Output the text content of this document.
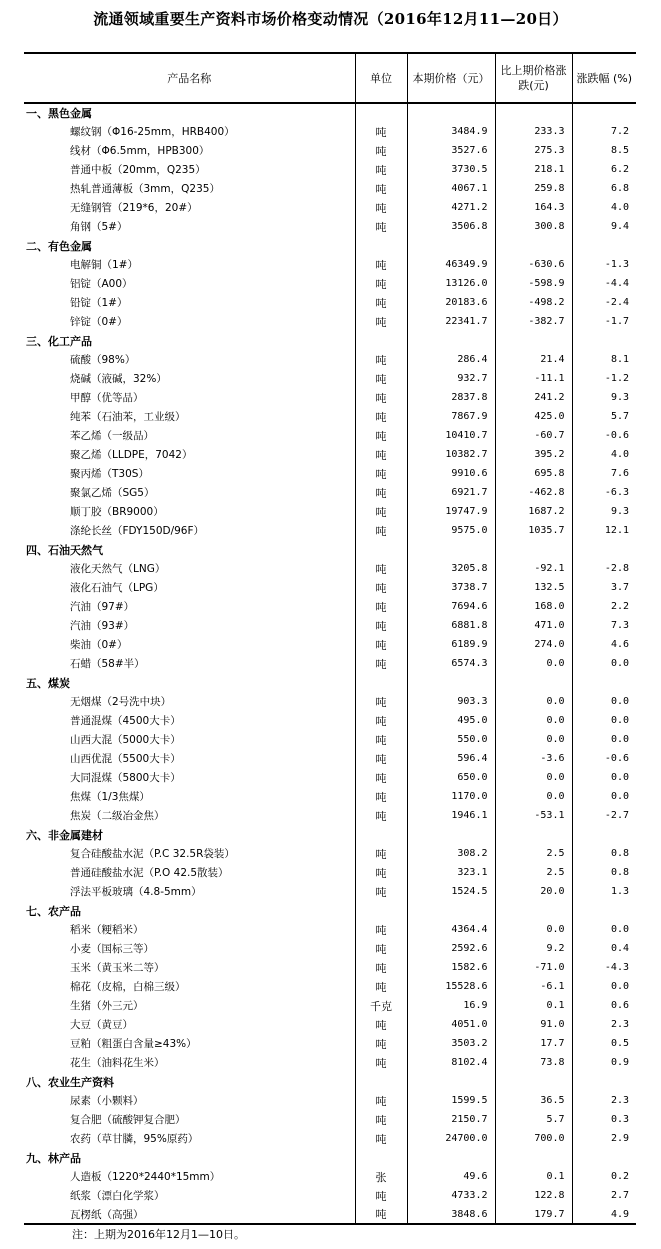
流通领域重要生产资料市场价格变动情况（2016年12月11—20日）
产品名称	单位	本期价格（元）	比上期价格涨跌(元)	涨跌幅 (%)
一、黑色金属				
螺纹钢（Φ16-25mm，HRB400）	吨	3484.9	233.3	7.2
线材（Φ6.5mm，HPB300）	吨	3527.6	275.3	8.5
普通中板（20mm，Q235）	吨	3730.5	218.1	6.2
热轧普通薄板（3mm，Q235）	吨	4067.1	259.8	6.8
无缝钢管（219*6，20#）	吨	4271.2	164.3	4.0
角钢（5#）	吨	3506.8	300.8	9.4
二、有色金属				
电解铜（1#）	吨	46349.9	-630.6	-1.3
铝锭（A00）	吨	13126.0	-598.9	-4.4
铅锭（1#）	吨	20183.6	-498.2	-2.4
锌锭（0#）	吨	22341.7	-382.7	-1.7
三、化工产品				
硫酸（98%）	吨	286.4	21.4	8.1
烧碱（液碱，32%）	吨	932.7	-11.1	-1.2
甲醇（优等品）	吨	2837.8	241.2	9.3
纯苯（石油苯，工业级）	吨	7867.9	425.0	5.7
苯乙烯（一级品）	吨	10410.7	-60.7	-0.6
聚乙烯（LLDPE，7042）	吨	10382.7	395.2	4.0
聚丙烯（T30S）	吨	9910.6	695.8	7.6
聚氯乙烯（SG5）	吨	6921.7	-462.8	-6.3
顺丁胶（BR9000）	吨	19747.9	1687.2	9.3
涤纶长丝（FDY150D/96F）	吨	9575.0	1035.7	12.1
四、石油天然气				
液化天然气（LNG）	吨	3205.8	-92.1	-2.8
液化石油气（LPG）	吨	3738.7	132.5	3.7
汽油（97#）	吨	7694.6	168.0	2.2
汽油（93#）	吨	6881.8	471.0	7.3
柴油（0#）	吨	6189.9	274.0	4.6
石蜡（58#半）	吨	6574.3	0.0	0.0
五、煤炭				
无烟煤（2号洗中块）	吨	903.3	0.0	0.0
普通混煤（4500大卡）	吨	495.0	0.0	0.0
山西大混（5000大卡）	吨	550.0	0.0	0.0
山西优混（5500大卡）	吨	596.4	-3.6	-0.6
大同混煤（5800大卡）	吨	650.0	0.0	0.0
焦煤（1/3焦煤）	吨	1170.0	0.0	0.0
焦炭（二级冶金焦）	吨	1946.1	-53.1	-2.7
六、非金属建材				
复合硅酸盐水泥（P.C 32.5R袋装）	吨	308.2	2.5	0.8
普通硅酸盐水泥（P.O 42.5散装）	吨	323.1	2.5	0.8
浮法平板玻璃（4.8-5mm）	吨	1524.5	20.0	1.3
七、农产品				
稻米（粳稻米）	吨	4364.4	0.0	0.0
小麦（国标三等）	吨	2592.6	9.2	0.4
玉米（黄玉米二等）	吨	1582.6	-71.0	-4.3
棉花（皮棉，白棉三级）	吨	15528.6	-6.1	0.0
生猪（外三元）	千克	16.9	0.1	0.6
大豆（黄豆）	吨	4051.0	91.0	2.3
豆粕（粗蛋白含量≥43%）	吨	3503.2	17.7	0.5
花生（油料花生米）	吨	8102.4	73.8	0.9
八、农业生产资料				
尿素（小颗料）	吨	1599.5	36.5	2.3
复合肥（硫酸钾复合肥）	吨	2150.7	5.7	0.3
农药（草甘膦，95%原药）	吨	24700.0	700.0	2.9
九、林产品				
人造板（1220*2440*15mm）	张	49.6	0.1	0.2
纸浆（漂白化学浆）	吨	4733.2	122.8	2.7
瓦楞纸（高强）	吨	3848.6	179.7	4.9
注：上期为2016年12月1—10日。
